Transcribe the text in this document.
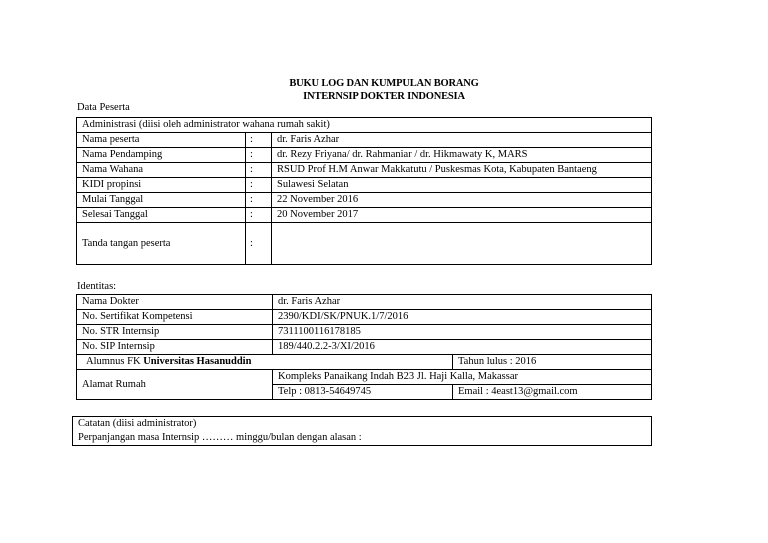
BUKU LOG DAN KUMPULAN BORANG
INTERNSIP DOKTER INDONESIA
Data Peserta
Administrasi (diisi oleh administrator wahana rumah sakit)		
Nama peserta	:	dr. Faris Azhar
Nama Pendamping	:	dr. Rezy Friyana/ dr. Rahmaniar / dr. Hikmawaty K, MARS
Nama Wahana	:	RSUD Prof H.M Anwar Makkatutu / Puskesmas Kota, Kabupaten Bantaeng
KIDI propinsi	:	Sulawesi Selatan
Mulai Tanggal	:	22 November 2016
Selesai Tanggal	:	20 November 2017
Tanda tangan peserta	:	
Identitas:
Nama Dokter	dr. Faris Azhar	
No. Sertifikat Kompetensi	2390/KDI/SK/PNUK.1/7/2016	
No. STR Internsip	7311100116178185	
No. SIP Internsip	189/440.2.2-3/XI/2016	
Alumnus FK Universitas Hasanuddin		Tahun lulus : 2016
Alamat Rumah	Kompleks Panaikang Indah B23 Jl. Haji Kalla, Makassar	
	Telp : 0813-54649745	Email : 4east13@gmail.com
Catatan (diisi administrator)
Perpanjangan masa Internsip ……… minggu/bulan dengan alasan :
